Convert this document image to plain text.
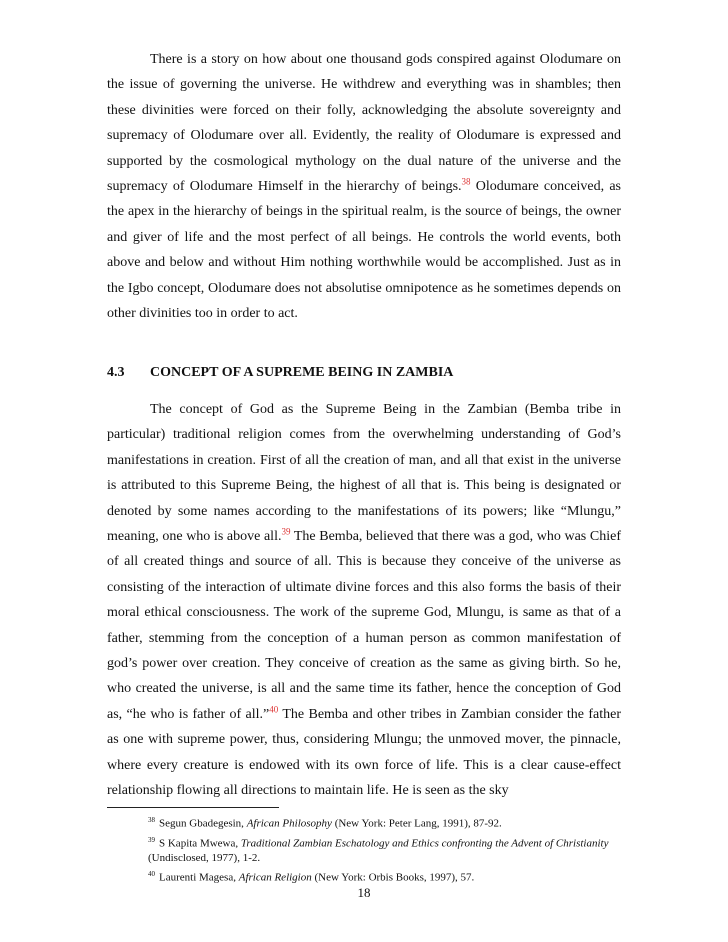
There is a story on how about one thousand gods conspired against Olodumare on the issue of governing the universe. He withdrew and everything was in shambles; then these divinities were forced on their folly, acknowledging the absolute sovereignty and supremacy of Olodumare over all. Evidently, the reality of Olodumare is expressed and supported by the cosmological mythology on the dual nature of the universe and the supremacy of Olodumare Himself in the hierarchy of beings.$^{38}$ Olodumare conceived, as the apex in the hierarchy of beings in the spiritual realm, is the source of beings, the owner and giver of life and the most perfect of all beings. He controls the world events, both above and below and without Him nothing worthwhile would be accomplished. Just as in the Igbo concept, Olodumare does not absolutise omnipotence as he sometimes depends on other divinities too in order to act.

4.3 CONCEPT OF A SUPREME BEING IN ZAMBIA

The concept of God as the Supreme Being in the Zambian (Bemba tribe in particular) traditional religion comes from the overwhelming understanding of God’s manifestations in creation. First of all the creation of man, and all that exist in the universe is attributed to this Supreme Being, the highest of all that is. This being is designated or denoted by some names according to the manifestations of its powers; like “Mlungu,” meaning, one who is above all.$^{39}$ The Bemba, believed that there was a god, who was Chief of all created things and source of all. This is because they conceive of the universe as consisting of the interaction of ultimate divine forces and this also forms the basis of their moral ethical consciousness. The work of the supreme God, Mlungu, is same as that of a father, stemming from the conception of a human person as common manifestation of god’s power over creation. They conceive of creation as the same as giving birth. So he, who created the universe, is all and the same time its father, hence the conception of God as, “he who is father of all.”$^{40}$ The Bemba and other tribes in Zambian consider the father as one with supreme power, thus, considering Mlungu; the unmoved mover, the pinnacle, where every creature is endowed with its own force of life. This is a clear cause-effect relationship flowing all directions to maintain life. He is seen as the sky

$^{38}$ Segun Gbadegesin, African Philosophy (New York: Peter Lang, 1991), 87-92.
$^{39}$ S Kapita Mwewa, Traditional Zambian Eschatology and Ethics confronting the Advent of Christianity (Undisclosed, 1977), 1-2.
$^{40}$ Laurenti Magesa, African Religion (New York: Orbis Books, 1997), 57.
18
